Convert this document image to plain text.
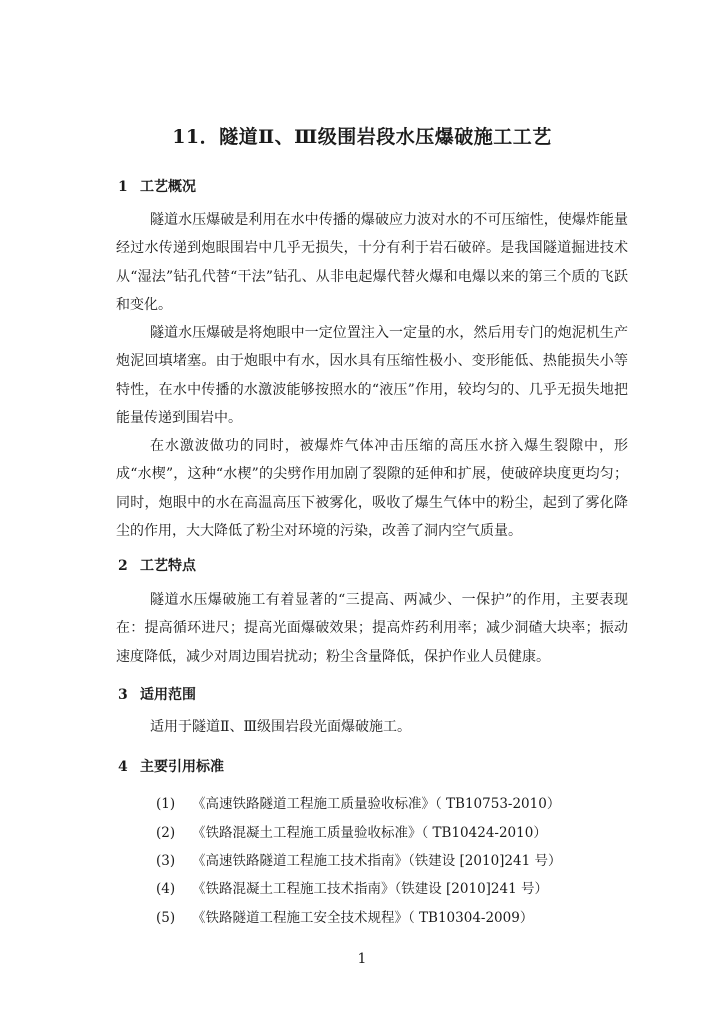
11．隧道Ⅱ、Ⅲ级围岩段水压爆破施工工艺
1 工艺概况

隧道水压爆破是利用在水中传播的爆破应力波对水的不可压缩性，使爆炸能量经过水传递到炮眼围岩中几乎无损失，十分有利于岩石破碎。是我国隧道掘进技术从“湿法”钻孔代替“干法”钻孔、从非电起爆代替火爆和电爆以来的第三个质的飞跃和变化。

隧道水压爆破是将炮眼中一定位置注入一定量的水，然后用专门的炮泥机生产炮泥回填堵塞。由于炮眼中有水，因水具有压缩性极小、变形能低、热能损失小等特性，在水中传播的水激波能够按照水的“液压”作用，较均匀的、几乎无损失地把能量传递到围岩中。

在水激波做功的同时，被爆炸气体冲击压缩的高压水挤入爆生裂隙中，形成“水楔”，这种“水楔”的尖劈作用加剧了裂隙的延伸和扩展，使破碎块度更均匀；同时，炮眼中的水在高温高压下被雾化，吸收了爆生气体中的粉尘，起到了雾化降尘的作用，大大降低了粉尘对环境的污染，改善了洞内空气质量。

2 工艺特点

隧道水压爆破施工有着显著的“三提高、两减少、一保护”的作用，主要表现在：提高循环进尺；提高光面爆破效果；提高炸药利用率；减少洞碴大块率；振动速度降低，减少对周边围岩扰动；粉尘含量降低，保护作业人员健康。

3 适用范围

适用于隧道Ⅱ、Ⅲ级围岩段光面爆破施工。

4 主要引用标准
(1) 《高速铁路隧道工程施工质量验收标准》（ TB10753-2010）
(2) 《铁路混凝土工程施工质量验收标准》（ TB10424-2010）
(3) 《高速铁路隧道工程施工技术指南》（铁建设 [2010]241 号）
(4) 《铁路混凝土工程施工技术指南》（铁建设 [2010]241 号）
(5) 《铁路隧道工程施工安全技术规程》（ TB10304-2009）
1
